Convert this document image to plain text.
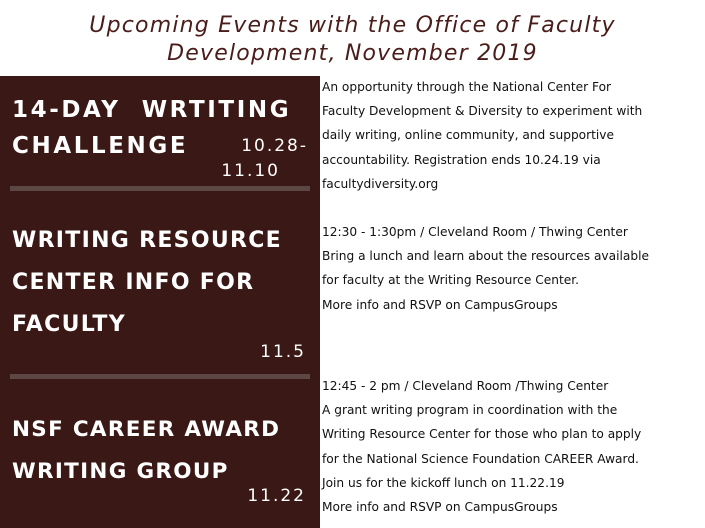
Upcoming Events with the Office of Faculty
Development, November 2019
14-DAY  WRTITING
CHALLENGE	10.28-
11.10
WRITING RESOURCE
CENTER INFO FOR
FACULTY
11.5
NSF CAREER AWARD
WRITING GROUP
11.22

An opportunity through the National Center For

Faculty Development & Diversity to experiment with

daily writing, online community, and supportive

accountability. Registration ends 10.24.19 via

facultydiversity.org

12:30 - 1:30pm / Cleveland Room / Thwing Center

Bring a lunch and learn about the resources available

for faculty at the Writing Resource Center.

More info and RSVP on CampusGroups

12:45 - 2 pm / Cleveland Room /Thwing Center

A grant writing program in coordination with the

Writing Resource Center for those who plan to apply

for the National Science Foundation CAREER Award.

Join us for the kickoff lunch on 11.22.19

More info and RSVP on CampusGroups
